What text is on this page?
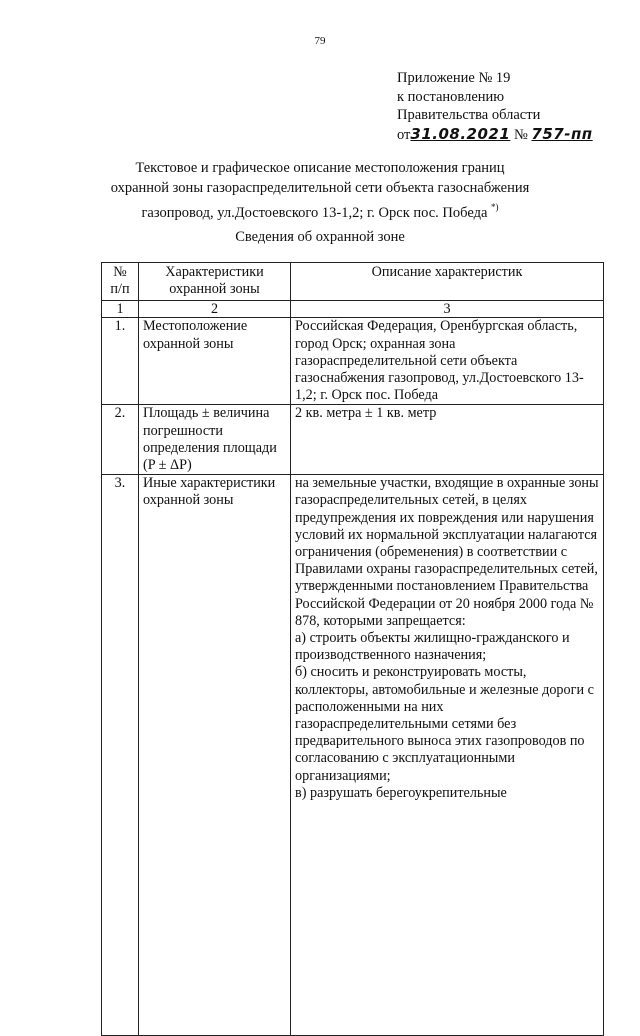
79
Приложение № 19
к постановлению
Правительства области
от31.08.2021 № 757-пп
Текстовое и графическое описание местоположения границ
охранной зоны газораспределительной сети объекта газоснабжения
газопровод, ул.Достоевского 13-1,2; г. Орск пос. Победа *)
Сведения об охранной зоне
№ п/п	Характеристики охранной зоны	Описание характеристик
1	2	3
1.	Местоположение охранной зоны	Российская Федерация, Оренбургская область, город Орск; охранная зона газораспределительной сети объекта газоснабжения газопровод, ул.Достоевского 13-1,2; г. Орск пос. Победа
2.	Площадь ± величина погрешности определения площади (P ± ΔP)	2 кв. метра ± 1 кв. метр
3.	Иные характеристики охранной зоны	на земельные участки, входящие в охранные зоны газораспределительных сетей, в целях предупреждения их повреждения или нарушения условий их нормальной эксплуатации налагаются ограничения (обременения) в соответствии с Правилами охраны газораспределительных сетей, утвержденными постановлением Правительства Российской Федерации от 20 ноября 2000 года № 878, которыми запрещается:
а) строить объекты жилищно-гражданского и производственного назначения;
б) сносить и реконструировать мосты, коллекторы, автомобильные и железные дороги с расположенными на них газораспределительными сетями без предварительного выноса этих газопроводов по согласованию с эксплуатационными организациями;
в) разрушать берегоукрепительные
